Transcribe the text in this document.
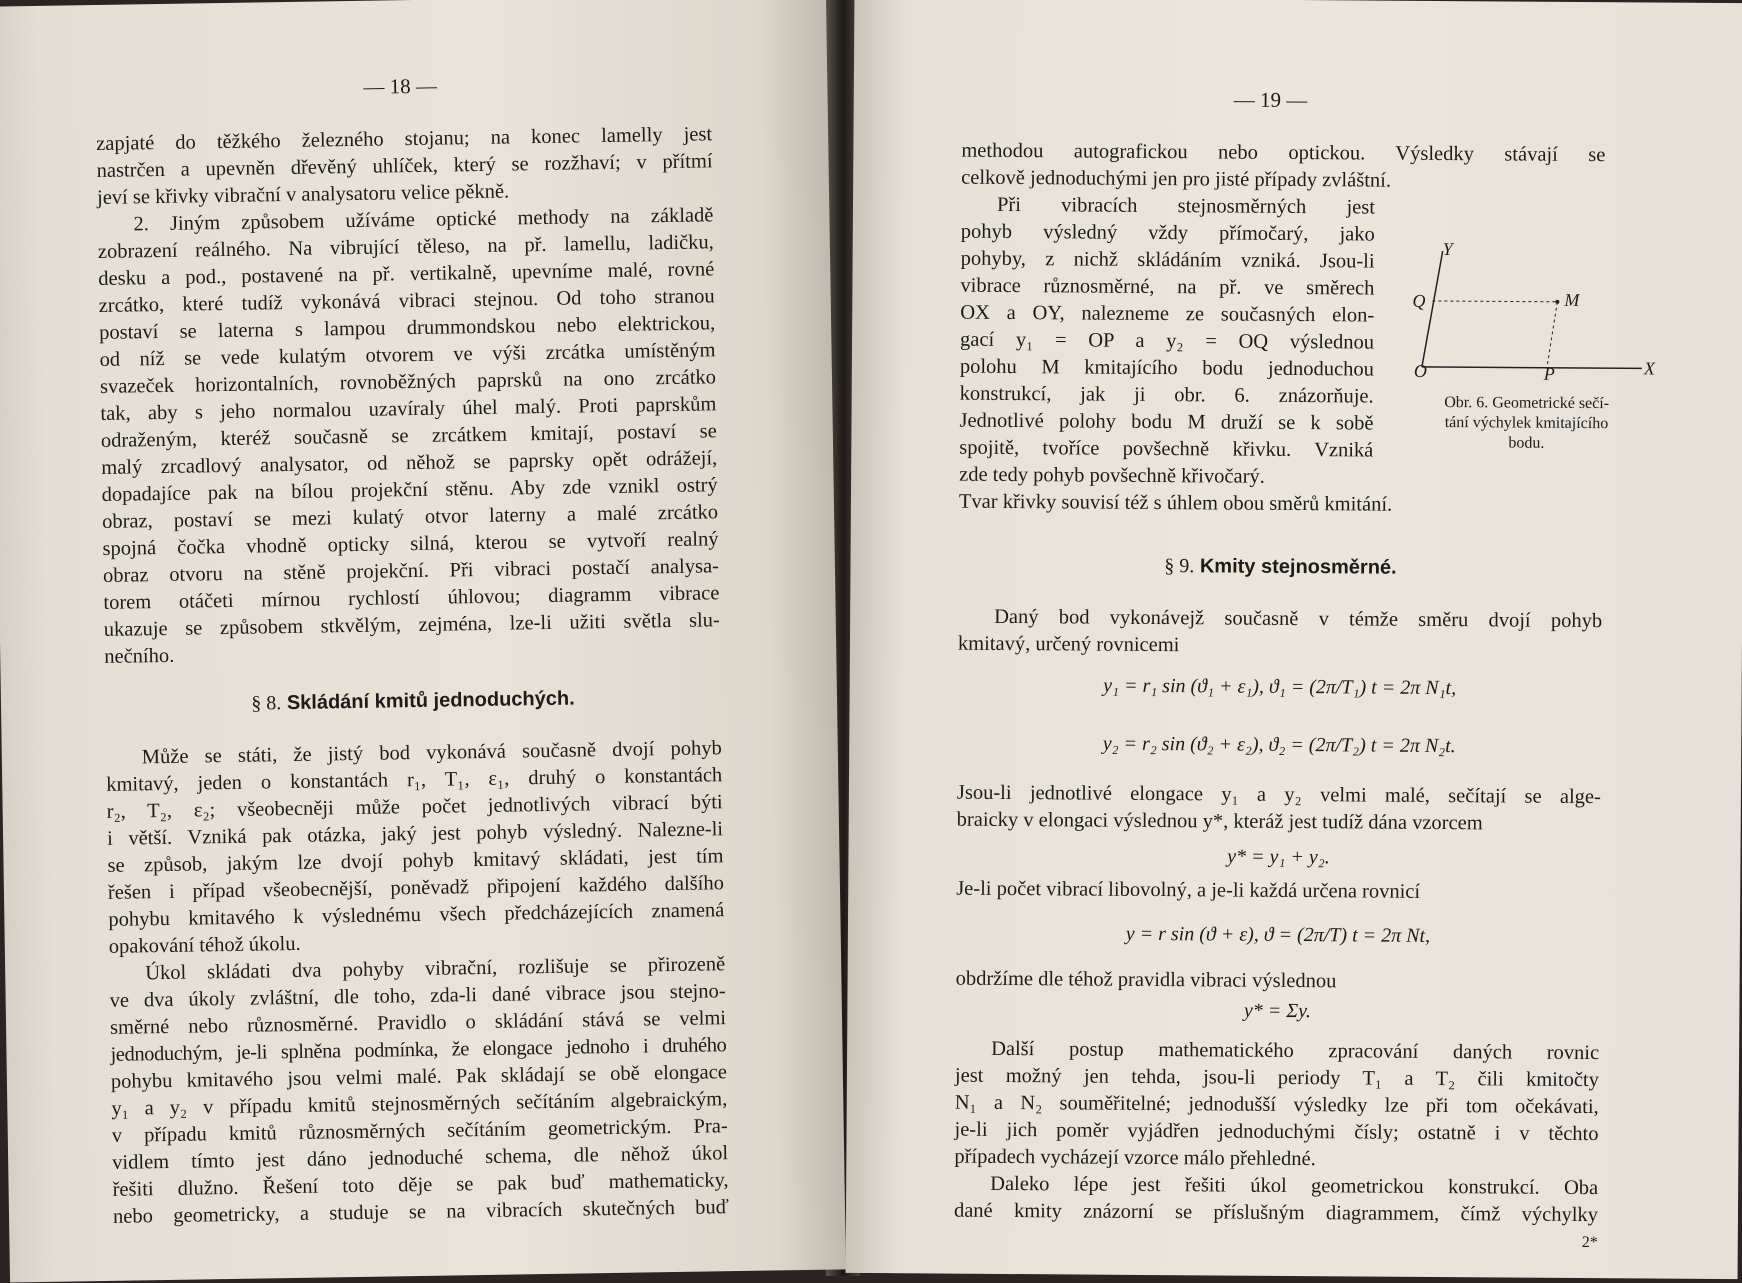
— 18 —
zapjaté do těžkého železného stojanu; na konec lamelly jest
nastrčen a upevněn dřevěný uhlíček, který se rozžhaví; v přítmí
jeví se křivky vibrační v analysatoru velice pěkně.
2. Jiným způsobem užíváme optické methody na základě
zobrazení reálného. Na vibrující těleso, na př. lamellu, ladičku,
desku a pod., postavené na př. vertikalně, upevníme malé, rovné
zrcátko, které tudíž vykonává vibraci stejnou. Od toho stranou
postaví se laterna s lampou drummondskou nebo elektrickou,
od níž se vede kulatým otvorem ve výši zrcátka umístěným
svazeček horizontalních, rovnoběžných paprsků na ono zrcátko
tak, aby s jeho normalou uzavíraly úhel malý. Proti paprskům
odraženým, kteréž současně se zrcátkem kmitají, postaví se
malý zrcadlový analysator, od něhož se paprsky opět odrážejí,
dopadajíce pak na bílou projekční stěnu. Aby zde vznikl ostrý
obraz, postaví se mezi kulatý otvor laterny a malé zrcátko
spojná čočka vhodně opticky silná, kterou se vytvoří realný
obraz otvoru na stěně projekční. Při vibraci postačí analysa-
torem otáčeti mírnou rychlostí úhlovou; diagramm vibrace
ukazuje se způsobem stkvělým, zejména, lze-li užiti světla slu-
nečního.
§ 8. Skládání kmitů jednoduchých.
Může se státi, že jistý bod vykonává současně dvojí pohyb
kmitavý, jeden o konstantách r₁, T₁, ε₁, druhý o konstantách
r₂, T₂, ε₂; všeobecněji může počet jednotlivých vibrací býti
i větší. Vzniká pak otázka, jaký jest pohyb výsledný. Nalezne-li
se způsob, jakým lze dvojí pohyb kmitavý skládati, jest tím
řešen i případ všeobecnější, poněvadž připojení každého dalšího
pohybu kmitavého k výslednému všech předcházejících znamená
opakování téhož úkolu.
Úkol skládati dva pohyby vibrační, rozlišuje se přirozeně
ve dva úkoly zvláštní, dle toho, zda-li dané vibrace jsou stejno-
směrné nebo různosměrné. Pravidlo o skládání stává se velmi
jednoduchým, je-li splněna podmínka, že elongace jednoho i druhého
pohybu kmitavého jsou velmi malé. Pak skládají se obě elongace
y₁ a y₂ v případu kmitů stejnosměrných sečítáním algebraickým,
v případu kmitů různosměrných sečítáním geometrickým. Pra-
vidlem tímto jest dáno jednoduché schema, dle něhož úkol
řešiti dlužno. Řešení toto děje se pak buď mathematicky,
nebo geometricky, a studuje se na vibracích skutečných buď
— 19 —
methodou autografickou nebo optickou. Výsledky stávají se
celkově jednoduchými jen pro jisté případy zvláštní.
Při vibracích stejnosměrných jest
pohyb výsledný vždy přímočarý, jako
pohyby, z nichž skládáním vzniká. Jsou-li
vibrace různosměrné, na př. ve směrech
OX a OY, nalezneme ze současných elon-
gací y₁ = OP a y₂ = OQ výslednou
polohu M kmitajícího bodu jednoduchou
konstrukcí, jak ji obr. 6. znázorňuje.
Jednotlivé polohy bodu M druží se k sobě
spojitě, tvoříce povšechně křivku. Vzniká
zde tedy pohyb povšechně křivočarý.
Tvar křivky souvisí též s úhlem obou směrů kmitání.
Y
Q	M
O	P	X
Obr. 6. Geometrické sečí-
tání výchylek kmitajícího
bodu.
§ 9. Kmity stejnosměrné.
Daný bod vykonávejž současně v témže směru dvojí pohyb
kmitavý, určený rovnicemi
y₁ = r₁ sin (ϑ₁ + ε₁), ϑ₁ = (2π/T₁) t = 2π N₁t,
y₂ = r₂ sin (ϑ₂ + ε₂), ϑ₂ = (2π/T₂) t = 2π N₂t.
Jsou-li jednotlivé elongace y₁ a y₂ velmi malé, sečítají se alge-
braicky v elongaci výslednou y*, kteráž jest tudíž dána vzorcem
y* = y₁ + y₂.
Je-li počet vibrací libovolný, a je-li každá určena rovnicí
y = r sin (ϑ + ε), ϑ = (2π/T) t = 2π Nt,
obdržíme dle téhož pravidla vibraci výslednou
y* = Σy.
Další postup mathematického zpracování daných rovnic
jest možný jen tehda, jsou-li periody T₁ a T₂ čili kmitočty
N₁ a N₂ souměřitelné; jednodušší výsledky lze při tom očekávati,
je-li jich poměr vyjádřen jednoduchými čísly; ostatně i v těchto
případech vycházejí vzorce málo přehledné.
Daleko lépe jest řešiti úkol geometrickou konstrukcí. Oba
dané kmity znázorní se příslušným diagrammem, čímž výchylky
2*
